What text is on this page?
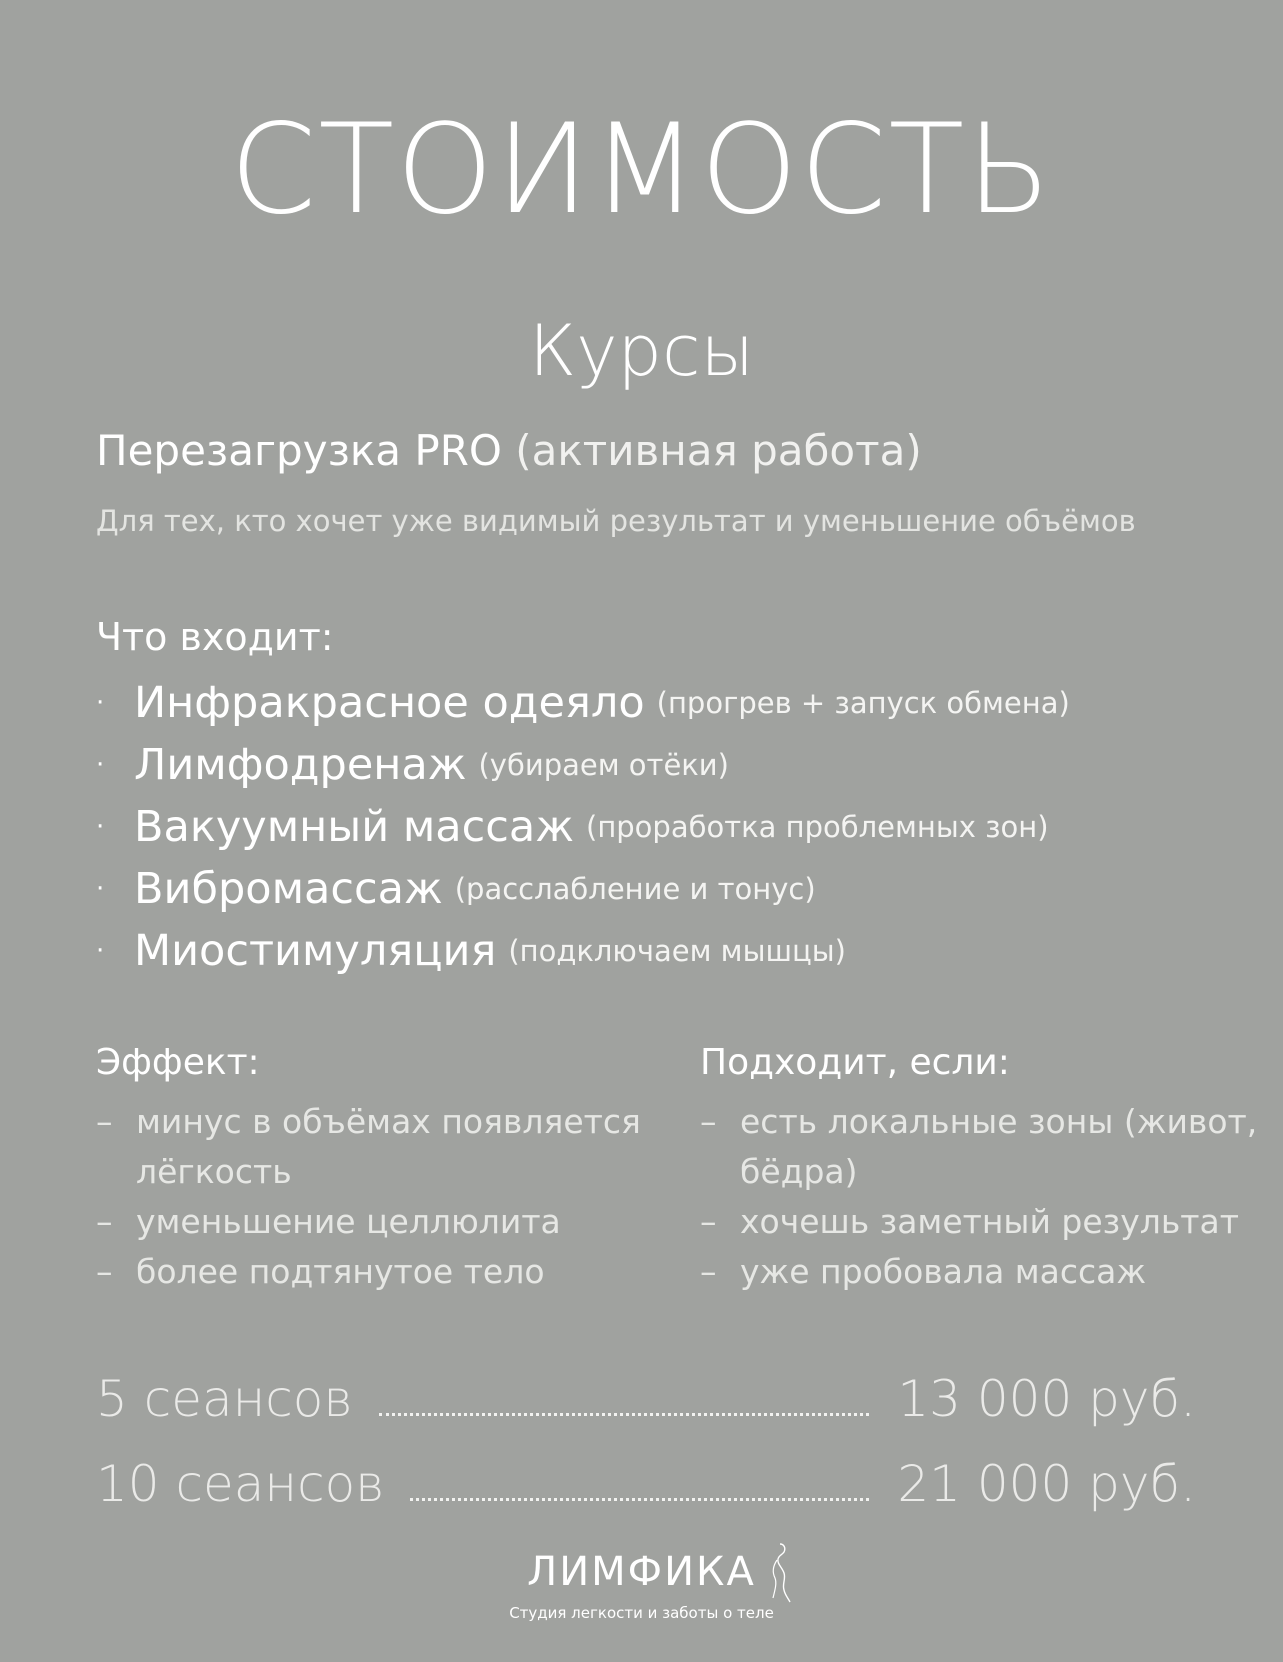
СТОИМОСТЬ
Курсы
Перезагрузка PRO (активная работа)
Для тех, кто хочет уже видимый результат и уменьшение объёмов
Что входит:
· Инфракрасное одеяло (прогрев + запуск обмена)
· Лимфодренаж (убираем отёки)
· Вакуумный массаж (проработка проблемных зон)
· Вибромассаж (расслабление и тонус)
· Миостимуляция (подключаем мышцы)
Эффект:
– минус в объёмах появляется лёгкость
– уменьшение целлюлита
– более подтянутое тело
Подходит, если:
– есть локальные зоны (живот, бёдра)
– хочешь заметный результат
– уже пробовала массаж
5 сеансов	13 000 руб.
10 сеансов	21 000 руб.
ЛИМФИКА
Студия легкости и заботы о теле
